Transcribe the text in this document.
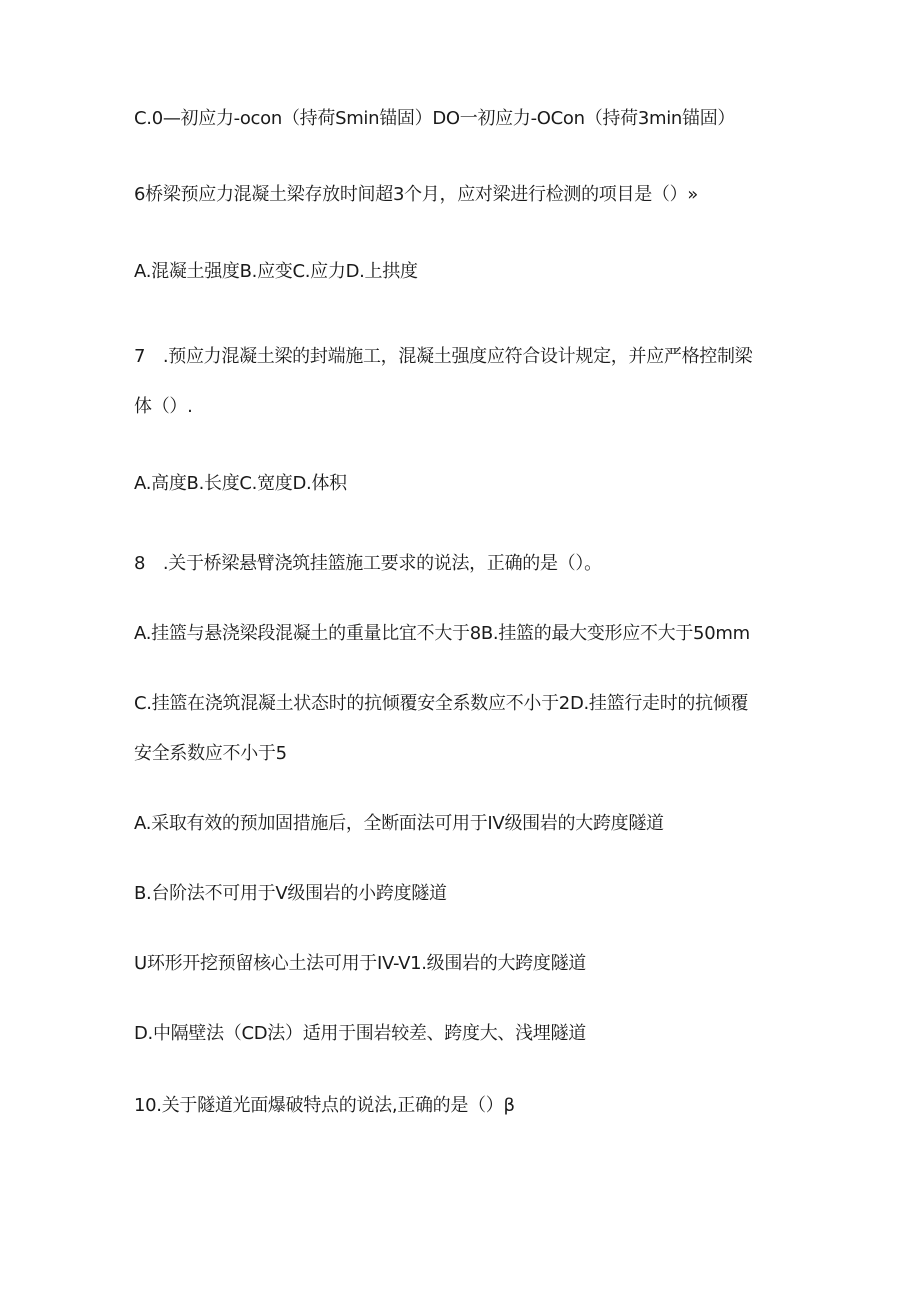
C.0—初应力-ocon（持荷Smin锚固）DO一初应力-OCon（持荷3min锚固）
6桥梁预应力混凝土梁存放时间超3个月，应对梁进行检测的项目是（）»
A.混凝土强度B.应变C.应力D.上拱度
7　.预应力混凝土梁的封端施工，混凝土强度应符合设计规定，并应严格控制梁
体（）.
A.高度B.长度C.宽度D.体积
8　.关于桥梁悬臂浇筑挂篮施工要求的说法，正确的是（）。
A.挂篮与悬浇梁段混凝土的重量比宜不大于8B.挂篮的最大变形应不大于50mm
C.挂篮在浇筑混凝土状态时的抗倾覆安全系数应不小于2D.挂篮行走时的抗倾覆
安全系数应不小于5
A.采取有效的预加固措施后，全断面法可用于IV级围岩的大跨度隧道
B.台阶法不可用于V级围岩的小跨度隧道
U环形开挖预留核心土法可用于IV-V1.级围岩的大跨度隧道
D.中隔壁法（CD法）适用于围岩较差、跨度大、浅埋隧道
10.关于隧道光面爆破特点的说法,正确的是（）β
